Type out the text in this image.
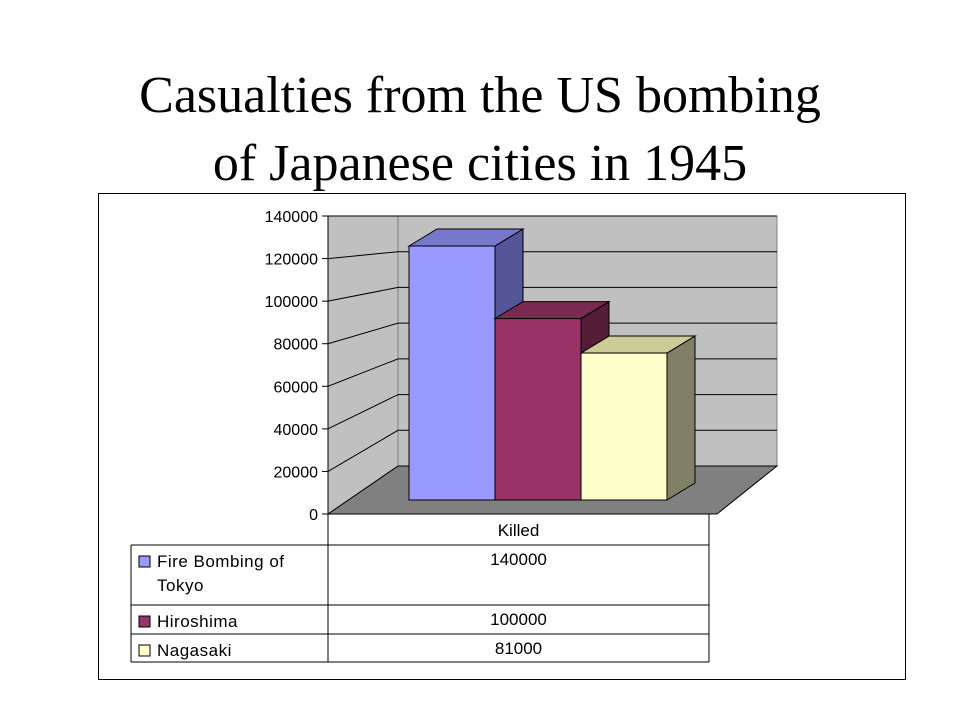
Casualties from the US bombing
of Japanese cities in 1945
0
20000
40000
60000
80000
100000
120000
140000
Killed
Fire Bombing of
Tokyo
140000
Hiroshima	100000
Nagasaki	81000
